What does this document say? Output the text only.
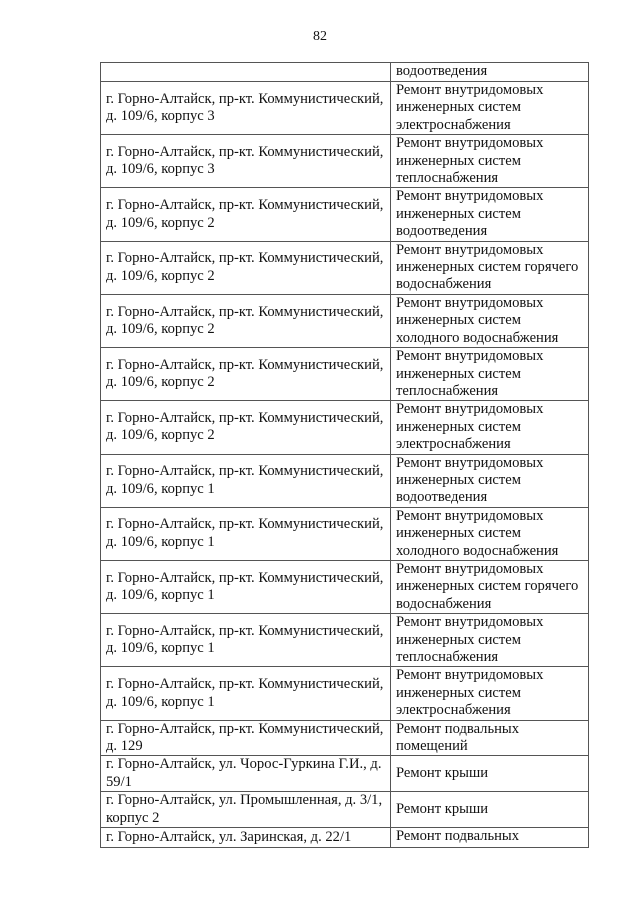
82
	водоотведения
г. Горно-Алтайск, пр-кт. Коммунистический, д. 109/6, корпус 3	Ремонт внутридомовых инженерных систем электроснабжения
г. Горно-Алтайск, пр-кт. Коммунистический, д. 109/6, корпус 3	Ремонт внутридомовых инженерных систем теплоснабжения
г. Горно-Алтайск, пр-кт. Коммунистический, д. 109/6, корпус 2	Ремонт внутридомовых инженерных систем водоотведения
г. Горно-Алтайск, пр-кт. Коммунистический, д. 109/6, корпус 2	Ремонт внутридомовых инженерных систем горячего водоснабжения
г. Горно-Алтайск, пр-кт. Коммунистический, д. 109/6, корпус 2	Ремонт внутридомовых инженерных систем холодного водоснабжения
г. Горно-Алтайск, пр-кт. Коммунистический, д. 109/6, корпус 2	Ремонт внутридомовых инженерных систем теплоснабжения
г. Горно-Алтайск, пр-кт. Коммунистический, д. 109/6, корпус 2	Ремонт внутридомовых инженерных систем электроснабжения
г. Горно-Алтайск, пр-кт. Коммунистический, д. 109/6, корпус 1	Ремонт внутридомовых инженерных систем водоотведения
г. Горно-Алтайск, пр-кт. Коммунистический, д. 109/6, корпус 1	Ремонт внутридомовых инженерных систем холодного водоснабжения
г. Горно-Алтайск, пр-кт. Коммунистический, д. 109/6, корпус 1	Ремонт внутридомовых инженерных систем горячего водоснабжения
г. Горно-Алтайск, пр-кт. Коммунистический, д. 109/6, корпус 1	Ремонт внутридомовых инженерных систем теплоснабжения
г. Горно-Алтайск, пр-кт. Коммунистический, д. 109/6, корпус 1	Ремонт внутридомовых инженерных систем электроснабжения
г. Горно-Алтайск, пр-кт. Коммунистический, д. 129	Ремонт подвальных помещений
г. Горно-Алтайск, ул. Чорос-Гуркина Г.И., д. 59/1	Ремонт крыши
г. Горно-Алтайск, ул. Промышленная, д. 3/1, корпус 2	Ремонт крыши
г. Горно-Алтайск, ул. Заринская, д. 22/1	Ремонт подвальных
